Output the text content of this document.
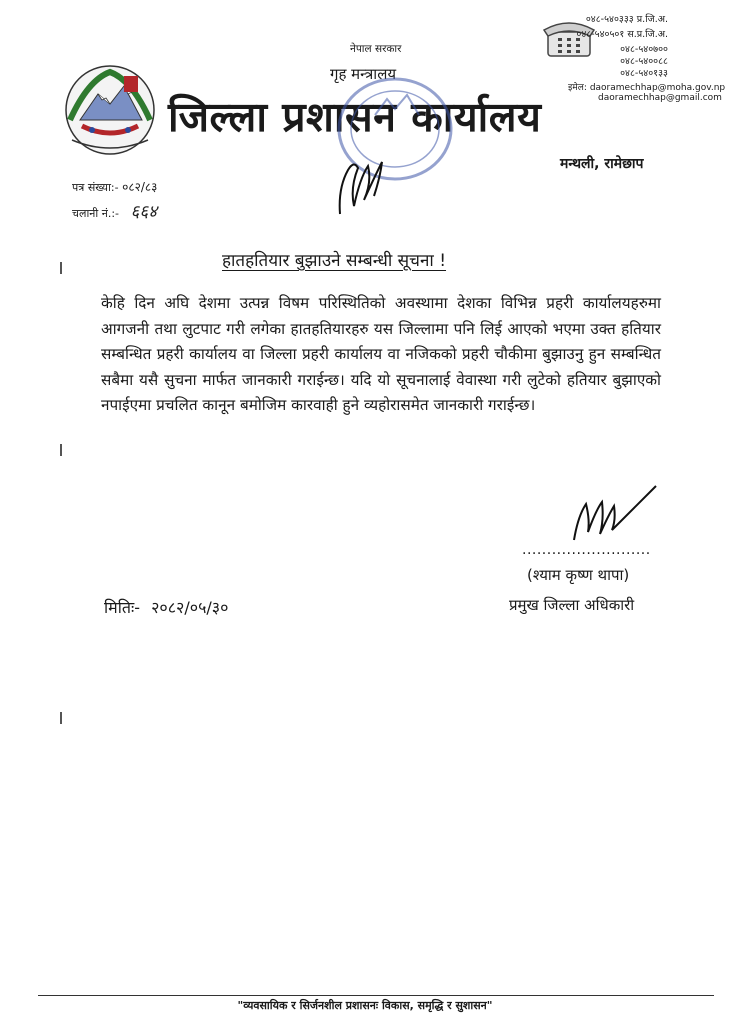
०४८-५४०३३३ प्र.जि.अ.
०४८-५४०५०१ स.प्र.जि.अ.
०४८-५४०७००
०४८-५४००८८
०४८-५४०१३३
इमेल: daoramechhap@moha.gov.np
daoramechhap@gmail.com
नेपाल सरकार
गृह मन्त्रालय
जिल्ला प्रशासन कार्यालय
मन्थली, रामेछाप
पत्र संख्या:- ०८२/८३
चलानी नं.:- ६६४
हातहतियार बुझाउने सम्बन्धी सूचना !
केहि दिन अघि देशमा उत्पन्न विषम परिस्थितिको अवस्थामा देशका विभिन्न प्रहरी कार्यालयहरुमा आगजनी तथा लुटपाट गरी लगेका हातहतियारहरु यस जिल्लामा पनि लिई आएको भएमा उक्त हतियार सम्बन्धित प्रहरी कार्यालय वा जिल्ला प्रहरी कार्यालय वा नजिकको प्रहरी चौकीमा बुझाउनु हुन सम्बन्धित सबैमा यसै सुचना मार्फत जानकारी गराईन्छ। यदि यो सूचनालाई वेवास्था गरी लुटेको हतियार बुझाएको नपाईएमा प्रचलित कानून बमोजिम कारवाही हुने व्यहोरासमेत जानकारी गराईन्छ।
..........................
(श्याम कृष्ण थापा)
प्रमुख जिल्ला अधिकारी
मितिः- २०८२/०५/३०
"व्यवसायिक र सिर्जनशील प्रशासनः विकास, समृद्धि र सुशासन"
